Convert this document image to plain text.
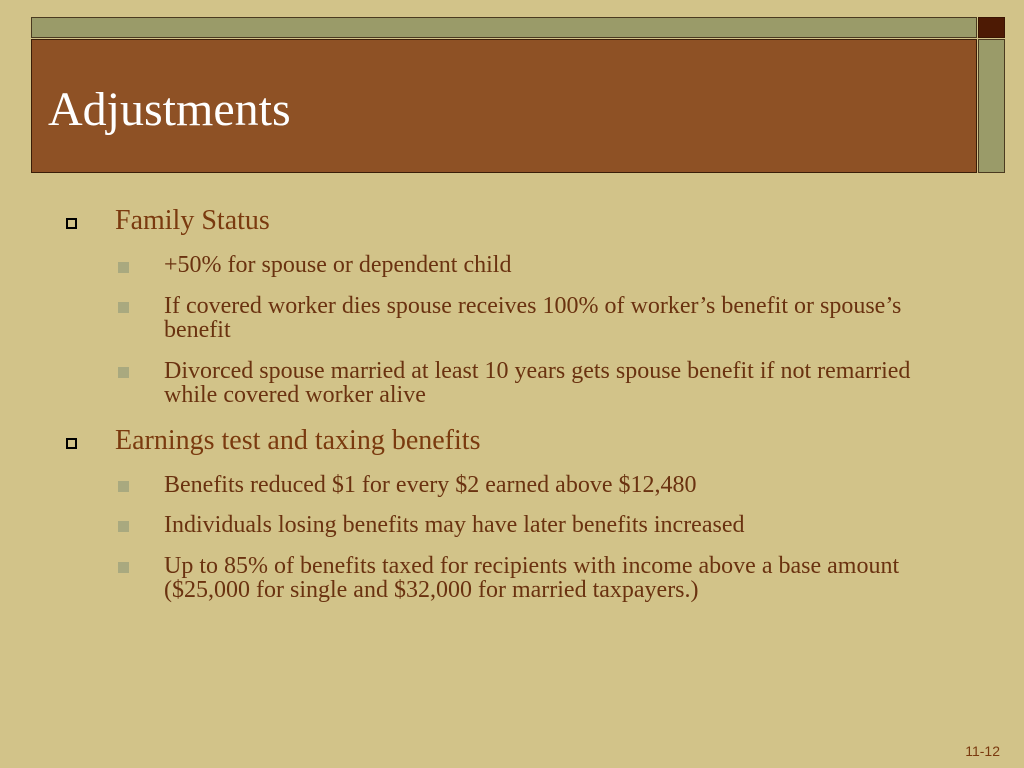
Adjustments
Family Status
+50% for spouse or dependent child
If covered worker dies spouse receives 100% of worker’s benefit or spouse’s benefit
Divorced spouse married at least 10 years gets spouse benefit if not remarried while covered worker alive
Earnings test and taxing benefits
Benefits reduced $1 for every $2 earned above $12,480
Individuals losing benefits may have later benefits increased
Up to 85% of benefits taxed for recipients with income above a base amount ($25,000 for single and $32,000 for married taxpayers.)
11-12
